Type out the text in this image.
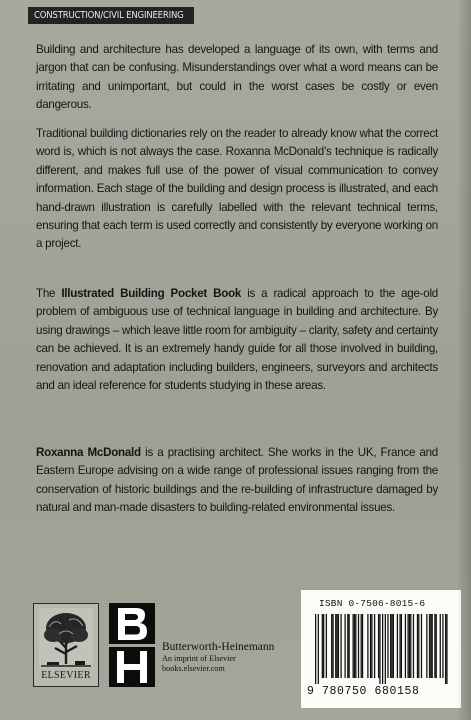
CONSTRUCTION/CIVIL ENGINEERING

Building and architecture has developed a language of its own, with terms and jargon that can be confusing. Misunderstandings over what a word means can be irritating and unimportant, but could in the worst cases be costly or even dangerous.

Traditional building dictionaries rely on the reader to already know what the correct word is, which is not always the case. Roxanna McDonald’s technique is radically different, and makes full use of the power of visual communication to convey information. Each stage of the building and design process is illustrated, and each hand-drawn illustration is carefully labelled with the relevant technical terms, ensuring that each term is used correctly and consistently by everyone working on a project.

The Illustrated Building Pocket Book is a radical approach to the age-old problem of ambiguous use of technical language in building and architecture. By using drawings – which leave little room for ambiguity – clarity, safety and certainty can be achieved. It is an extremely handy guide for all those involved in building, renovation and adaptation including builders, engineers, surveyors and architects and an ideal reference for students studying in these areas.

Roxanna McDonald is a practising architect. She works in the UK, France and Eastern Europe advising on a wide range of professional issues ranging from the conservation of historic buildings and the re-building of infrastructure damaged by natural and man-made disasters to building-related environmental issues.

ELSEVIER
Butterworth-Heinemann
An imprint of Elsevier
books.elsevier.com
ISBN 0-7506-8015-6
9 780750 680158
